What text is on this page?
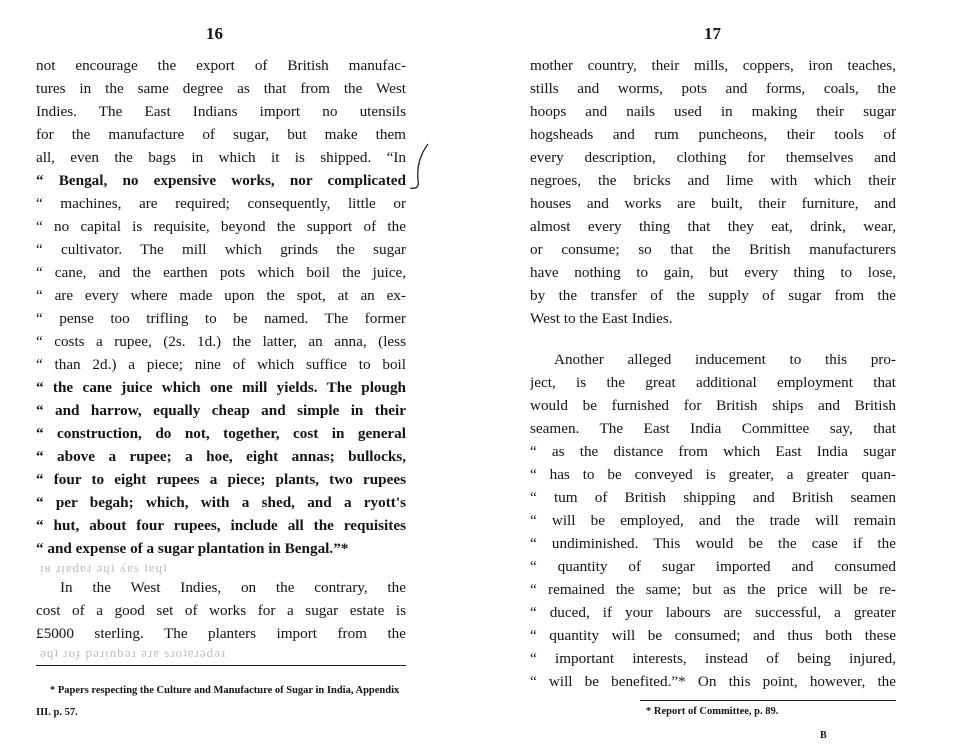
16
not encourage the export of British manufac-
tures in the same degree as that from the West
Indies. The East Indians import no utensils
for the manufacture of sugar, but make them
all, even the bags in which it is shipped. “In
“ Bengal, no expensive works, nor complicated
“ machines, are required; consequently, little or
“ no capital is requisite, beyond the support of the
“ cultivator. The mill which grinds the sugar
“ cane, and the earthen pots which boil the juice,
“ are every where made upon the spot, at an ex-
“ pense too trifling to be named. The former
“ costs a rupee, (2s. 1d.) the latter, an anna, (less
“ than 2d.) a piece; nine of which suffice to boil
“ the cane juice which one mill yields. The plough
“ and harrow, equally cheap and simple in their
“ construction, do not, together, cost in general
“ above a rupee; a hoe, eight annas; bullocks,
“ four to eight rupees a piece; plants, two rupees
“ per begah; which, with a shed, and a ryott's
“ hut, about four rupees, include all the requisites
“ and expense of a sugar plantation in Bengal.”*
In the West Indies, on the contrary, the
cost of a good set of works for a sugar estate is
£5000 sterling. The planters import from the
ᴉᴚ ɹᴉɐdɐɹ ǝɥʇ ʎɐs ʇɐɥʇ
ǝɥʇ ɹoɟ pǝɹᴉnbǝɹ ǝɹɐ sɹoʇɐɹǝdǝɹ
* Papers respecting the Culture and Manufacture of Sugar in India, Appendix III. p. 57.
17
mother country, their mills, coppers, iron teaches,
stills and worms, pots and forms, coals, the
hoops and nails used in making their sugar
hogsheads and rum puncheons, their tools of
every description, clothing for themselves and
negroes, the bricks and lime with which their
houses and works are built, their furniture, and
almost every thing that they eat, drink, wear,
or consume; so that the British manufacturers
have nothing to gain, but every thing to lose,
by the transfer of the supply of sugar from the
West to the East Indies.
Another alleged inducement to this pro-
ject, is the great additional employment that
would be furnished for British ships and British
seamen. The East India Committee say, that
“ as the distance from which East India sugar
“ has to be conveyed is greater, a greater quan-
“ tum of British shipping and British seamen
“ will be employed, and the trade will remain
“ undiminished. This would be the case if the
“ quantity of sugar imported and consumed
“ remained the same; but as the price will be re-
“ duced, if your labours are successful, a greater
“ quantity will be consumed; and thus both these
“ important interests, instead of being injured,
“ will be benefited.”* On this point, however, the
* Report of Committee, p. 89.
B
